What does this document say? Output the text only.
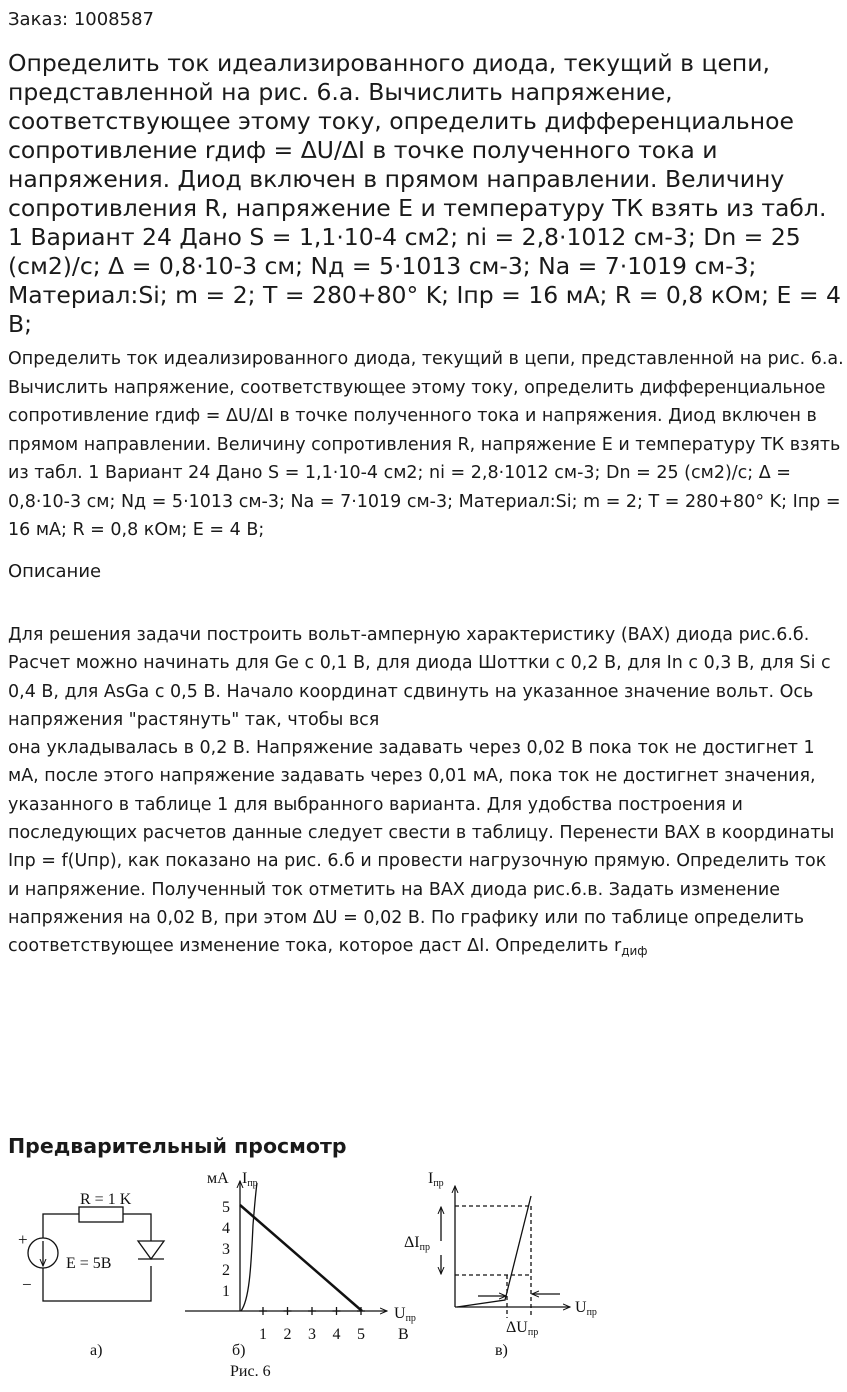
Заказ: 1008587
Определить ток идеализированного диода, текущий в цепи, представленной на рис. 6.а. Вычислить напряжение, соответствующее этому току, определить дифференциальное сопротивление rдиф = ΔU/ΔI в точке полученного тока и напряжения. Диод включен в прямом направлении. Величину сопротивления R, напряжение E и температуру ТК взять из табл. 1 Вариант 24 Дано S = 1,1·10-4 см2; ni = 2,8·1012 см-3; Dn = 25 (см2)/c; Δ = 0,8·10-3 см; Nд = 5·1013 см-3; Na = 7·1019 см-3; Материал:Si; m = 2; T = 280+80° K; Iпр = 16 мА; R = 0,8 кОм; E = 4 В;
Определить ток идеализированного диода, текущий в цепи, представленной на рис. 6.а. Вычислить напряжение, соответствующее этому току, определить дифференциальное сопротивление rдиф = ΔU/ΔI в точке полученного тока и напряжения. Диод включен в прямом направлении. Величину сопротивления R, напряжение E и температуру ТК взять из табл. 1 Вариант 24 Дано S = 1,1·10-4 см2; ni = 2,8·1012 см-3; Dn = 25 (см2)/c; Δ = 0,8·10-3 см; Nд = 5·1013 см-3; Na = 7·1019 см-3; Материал:Si; m = 2; T = 280+80° K; Iпр = 16 мА; R = 0,8 кОм; E = 4 В;
Описание
Для решения задачи построить вольт-амперную характеристику (ВАХ) диода рис.6.б. Расчет можно начинать для Ge с 0,1 В, для диода Шоттки с 0,2 В, для In с 0,3 В, для Si с 0,4 В, для AsGa с 0,5 В. Начало координат сдвинуть на указанное значение вольт. Ось напряжения "растянуть" так, чтобы вся
она укладывалась в 0,2 В. Напряжение задавать через 0,02 В пока ток не достигнет 1 мА, после этого напряжение задавать через 0,01 мА, пока ток не достигнет значения, указанного в таблице 1 для выбранного варианта. Для удобства построения и последующих расчетов данные следует свести в таблицу. Перенести ВАХ в координаты Iпр = f(Uпр), как показано на рис. 6.б и провести нагрузочную прямую. Определить ток и напряжение. Полученный ток отметить на ВАХ диода рис.6.в. Задать изменение напряжения на 0,02 В, при этом ΔU = 0,02 В. По графику или по таблице определить соответствующее изменение тока, которое даст ΔI. Определить $r_{диф}$
Предварительный просмотр
R = 1 K
E = 5B
+
−
а)
1
2
3
4
5
1 2 3 4 5
мА Iпр
Uпр
В
б)
Рис. 6
Iпр
Uпр
ΔIпр
ΔUпр
в)
